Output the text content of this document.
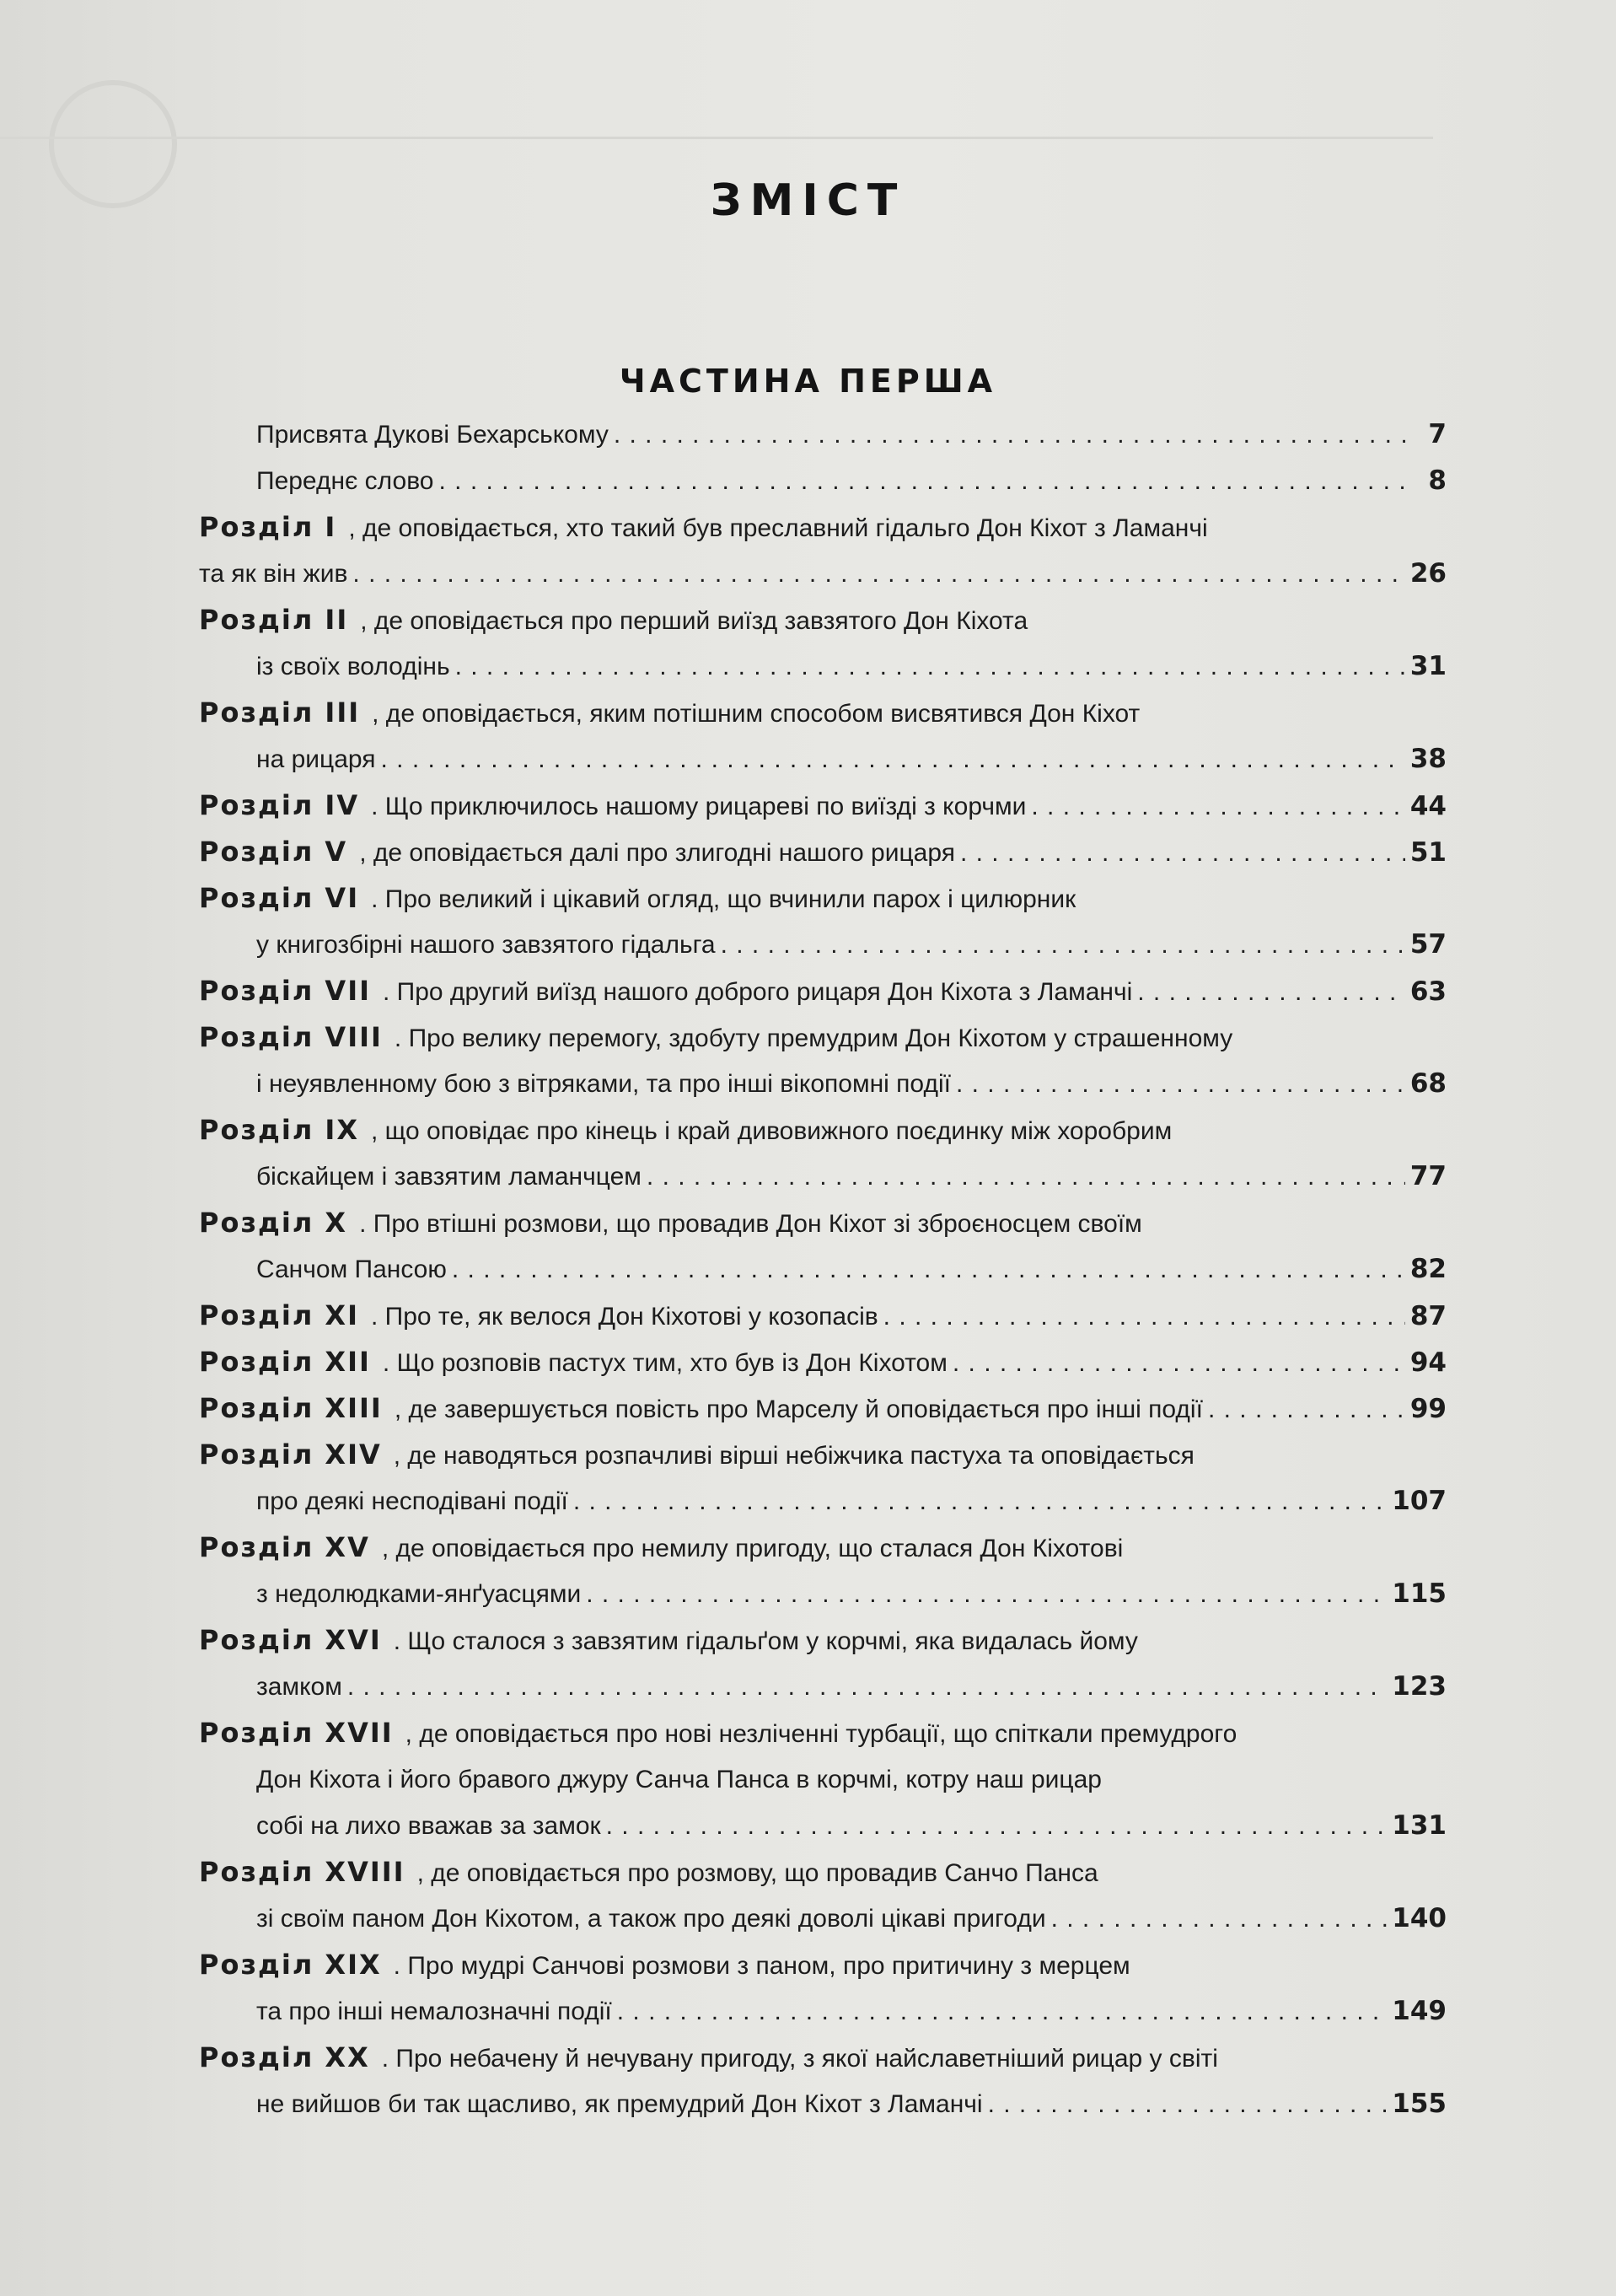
ЗМІСТ
ЧАСТИНА ПЕРША
Присвята Дукові Бехарському . . .	7
Переднє слово . . .	8
Розділ I , де оповідається, хто такий був преславний гідальго Дон Кіхот з Ламанчі
та як він жив . . .	26
Розділ II , де оповідається про перший виїзд завзятого Дон Кіхота
із своїх володінь . . .	31
Розділ III , де оповідається, яким потішним способом висвятився Дон Кіхот
на рицаря . . .	38
Розділ IV . Що приключилось нашому рицареві по виїзді з корчми . . .	44
Розділ V , де оповідається далі про злигодні нашого рицаря . . .	51
Розділ VI . Про великий і цікавий огляд, що вчинили парох і цилюрник
у книгозбірні нашого завзятого гідальга . . .	57
Розділ VII . Про другий виїзд нашого доброго рицаря Дон Кіхота з Ламанчі . . .	63
Розділ VIII . Про велику перемогу, здобуту премудрим Дон Кіхотом у страшенному
і неуявленному бою з вітряками, та про інші вікопомні події . . .	68
Розділ IX , що оповідає про кінець і край дивовижного поєдинку між хоробрим
біскайцем і завзятим ламанчцем . . .	77
Розділ X . Про втішні розмови, що провадив Дон Кіхот зі зброєносцем своїм
Санчом Пансою . . .	82
Розділ XI . Про те, як велося Дон Кіхотові у козопасів . . .	87
Розділ XII . Що розповів пастух тим, хто був із Дон Кіхотом . . .	94
Розділ XIII , де завершується повість про Марселу й оповідається про інші події . . .	99
Розділ XIV , де наводяться розпачливі вірші небіжчика пастуха та оповідається
про деякі несподівані події . . .	107
Розділ XV , де оповідається про немилу пригоду, що сталася Дон Кіхотові
з недолюдками-янґуасцями . . .	115
Розділ XVI . Що сталося з завзятим гідальґом у корчмі, яка видалась йому
замком . . .	123
Розділ XVII , де оповідається про нові незліченні турбації, що спіткали премудрого
Дон Кіхота і його бравого джуру Санча Панса в корчмі, котру наш рицар
собі на лихо вважав за замок . . .	131
Розділ XVIII , де оповідається про розмову, що провадив Санчо Панса
зі своїм паном Дон Кіхотом, а також про деякі доволі цікаві пригоди . . .	140
Розділ XIX . Про мудрі Санчові розмови з паном, про притичину з мерцем
та про інші немалозначні події . . .	149
Розділ XX . Про небачену й нечувану пригоду, з якої найславетніший рицар у світі
не вийшов би так щасливо, як премудрий Дон Кіхот з Ламанчі . . .	155
